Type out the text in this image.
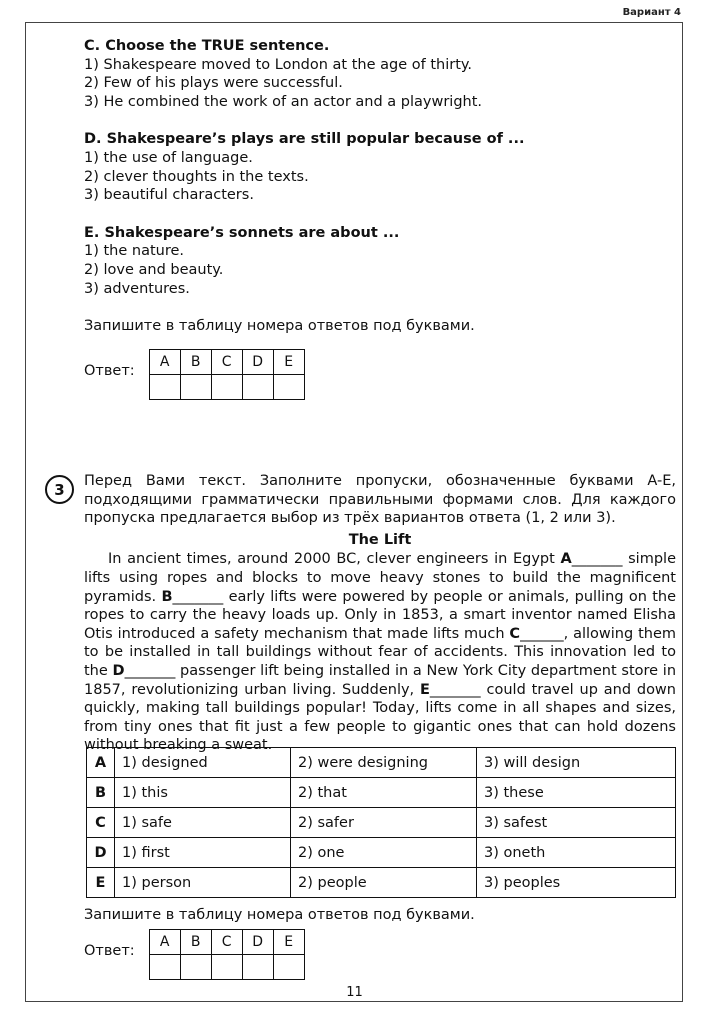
Вариант 4

C. Choose the TRUE sentence.

1) Shakespeare moved to London at the age of thirty.

2) Few of his plays were successful.

3) He combined the work of an actor and a playwright.

D. Shakespeare’s plays are still popular because of ...

1) the use of language.

2) clever thoughts in the texts.

3) beautiful characters.

E. Shakespeare’s sonnets are about ...

1) the nature.

2) love and beauty.

3) adventures.

Запишите в таблицу номера ответов под буквами.

Ответ:
A	B	C	D	E

3	Перед Вами текст. Заполните пропуски, обозначенные буквами A-E, подходящими грамматически правильными формами слов. Для каждого пропуска предлагается выбор из трёх вариантов ответа (1, 2 или 3).

The Lift

In ancient times, around 2000 BC, clever engineers in Egypt A_______ simple lifts using ropes and blocks to move heavy stones to build the magnificent pyramids. B_______ early lifts were powered by people or animals, pulling on the ropes to carry the heavy loads up. Only in 1853, a smart inventor named Elisha Otis introduced a safety mechanism that made lifts much C______, allowing them to be installed in tall buildings without fear of accidents. This innovation led to the D_______ passenger lift being installed in a New York City department store in 1857, revolutionizing urban living. Suddenly, E_______ could travel up and down quickly, making tall buildings popular! Today, lifts come in all shapes and sizes, from tiny ones that fit just a few people to gigantic ones that can hold dozens without breaking a sweat.

A	1) designed	2) were designing	3) will design
B	1) this	2) that	3) these
C	1) safe	2) safer	3) safest
D	1) first	2) one	3) oneth
E	1) person	2) people	3) peoples

Запишите в таблицу номера ответов под буквами.

Ответ:
A	B	C	D	E

11
